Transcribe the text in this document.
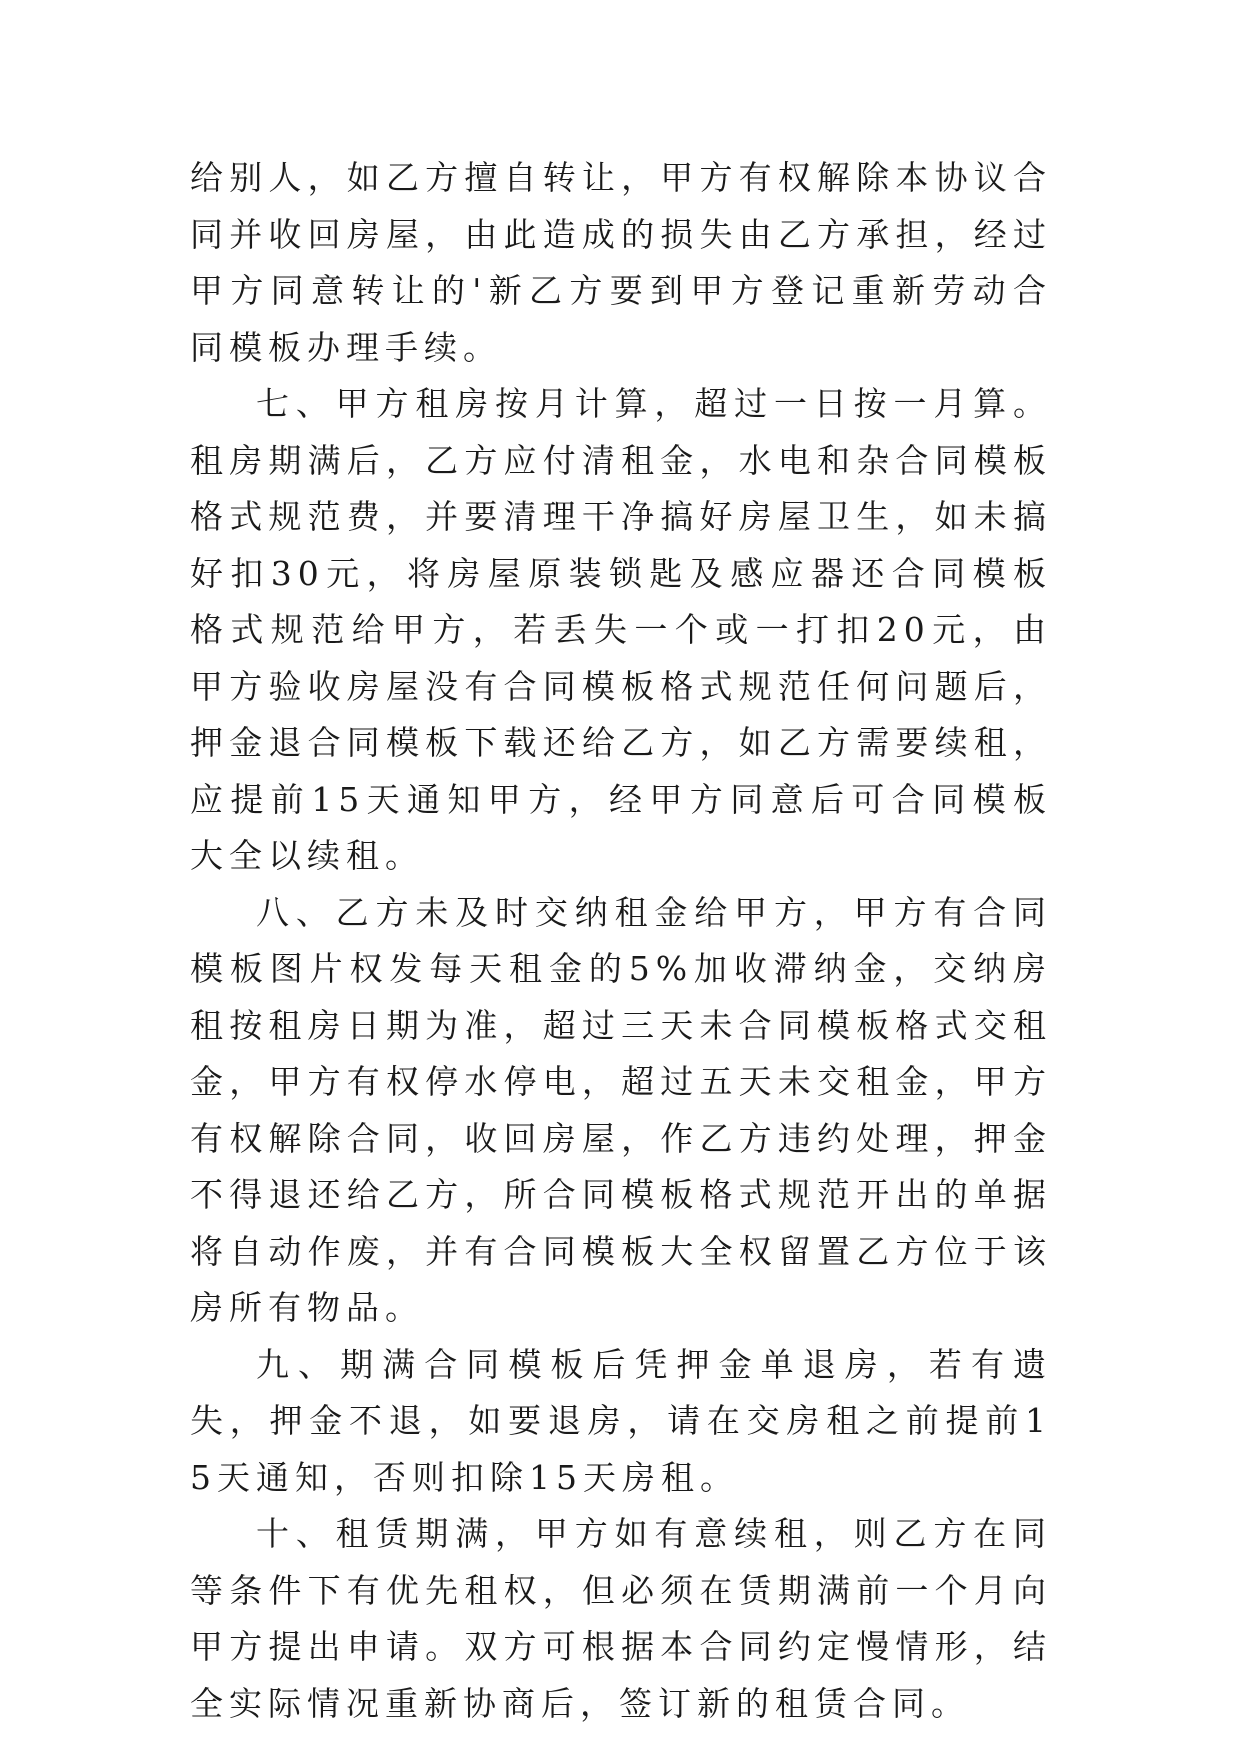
给别人，如乙方擅自转让，甲方有权解除本协议合同并收回房屋，由此造成的损失由乙方承担，经过甲方同意转让的'新乙方要到甲方登记重新劳动合同模板办理手续。

七、甲方租房按月计算，超过一日按一月算。租房期满后，乙方应付清租金，水电和杂合同模板格式规范费，并要清理干净搞好房屋卫生，如未搞好扣30元，将房屋原装锁匙及感应器还合同模板格式规范给甲方，若丢失一个或一打扣20元，由甲方验收房屋没有合同模板格式规范任何问题后，押金退合同模板下载还给乙方，如乙方需要续租，应提前15天通知甲方，经甲方同意后可合同模板大全以续租。

八、乙方未及时交纳租金给甲方，甲方有合同模板图片权发每天租金的5%加收滞纳金，交纳房租按租房日期为准，超过三天未合同模板格式交租金，甲方有权停水停电，超过五天未交租金，甲方有权解除合同，收回房屋，作乙方违约处理，押金不得退还给乙方，所合同模板格式规范开出的单据将自动作废，并有合同模板大全权留置乙方位于该房所有物品。

九、期满合同模板后凭押金单退房，若有遗失，押金不退，如要退房，请在交房租之前提前15天通知，否则扣除15天房租。

十、租赁期满，甲方如有意续租，则乙方在同等条件下有优先租权，但必须在赁期满前一个月向甲方提出申请。双方可根据本合同约定慢情形，结全实际情况重新协商后，签订新的租赁合同。
